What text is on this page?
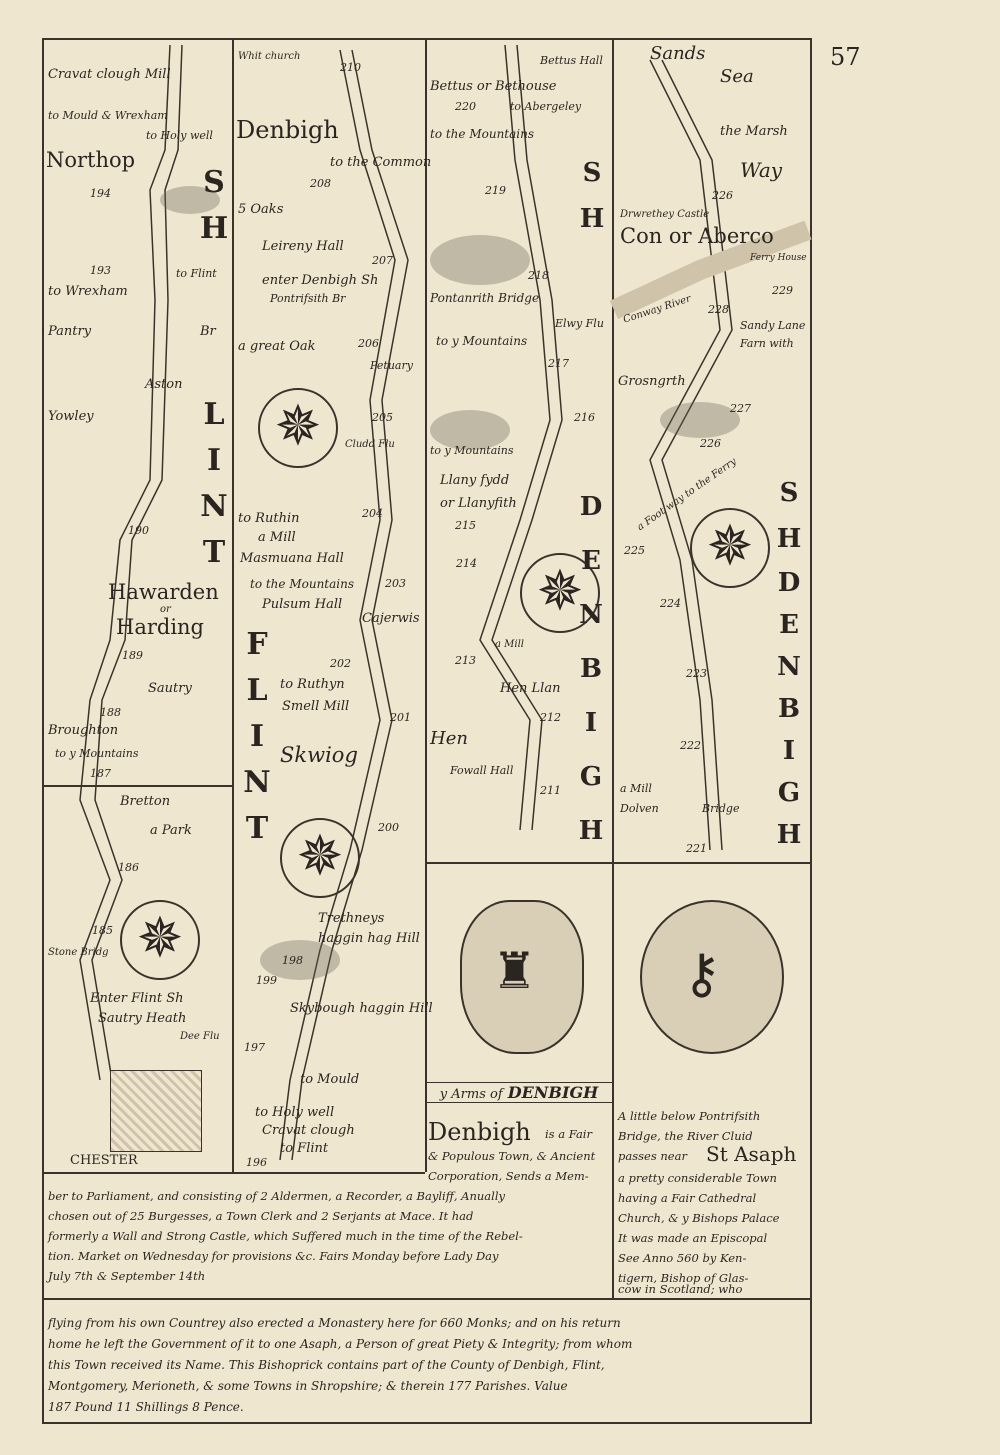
57
✵
✵
✵
✵
✵
Cravat clough Mill
to Mould & Wrexham
to Holy well
Northop
194
193
to Wrexham
to Flint
Pantry	Br
Aston
Yowley
190
Hawarden
or
Harding
189
Sautry
188
Broughton
to y Mountains
187
Bretton
a Park
186
185
Stone Bridg
Enter Flint Sh
Sautry Heath
Dee Flu
CHESTER
SH
LINT
Whit church
210
Denbigh
to the Common
208
5 Oaks
207
Leireny Hall
enter Denbigh Sh
Pontrifsith Br
a great Oak	206
Petuary
205
Cludd Flu
204
to Ruthin
a Mill
Masmuana Hall
to the Mountains
Pulsum Hall
203
Cajerwis
202
to Ruthyn
Smell Mill
201
Skwiog
200
199
Trethneys
haggin hag Hill
198
Skybough haggin Hill
197
to Mould
to Holy well
Cravat clough
to Flint
196
FLINT
Bettus Hall
Bettus or Bethouse
220	to Abergeley
to the Mountains
219
218
Pontanrith Bridge
Elwy Flu
217
to y Mountains
216
to y Mountains
Llany fydd
or Llanyfith
215
214
213
a Mill
Hen Llan
212
Hen
Fowall Hall
211
SH
DENBIGH
Sands
Sea
the Marsh
Way
226
Con or Aberco
Drwrethey Castle
Conway River
Ferry House
229
228
Sandy Lane
Farn with
Grosngrth
227
226
a Foot way to the Ferry
225
224
223
222
a Mill
Dolven	Bridge
221
SH
DENBIGH
♜	⚷
y Arms of DENBIGH
Denbigh is a Fair
& Populous Town, & Ancient
Corporation, Sends a Mem-
ber to Parliament, and consisting of 2 Aldermen, a Recorder, a Bayliff, Anually
chosen out of 25 Burgesses, a Town Clerk and 2 Serjants at Mace. It had
formerly a Wall and Strong Castle, which Suffered much in the time of the Rebel-
tion. Market on Wednesday for provisions &c. Fairs Monday before Lady Day
July 7th & September 14th
A little below Pontrifsith
Bridge, the River Cluid
passes near St Asaph
a pretty considerable Town
having a Fair Cathedral
Church, & y Bishops Palace
It was made an Episcopal
See Anno 560 by Ken-
tigern, Bishop of Glas-
cow in Scotland; who
flying from his own Countrey also erected a Monastery here for 660 Monks; and on his return
home he left the Government of it to one Asaph, a Person of great Piety & Integrity; from whom
this Town received its Name. This Bishoprick contains part of the County of Denbigh, Flint,
Montgomery, Merioneth, & some Towns in Shropshire; & therein 177 Parishes. Value
187 Pound 11 Shillings 8 Pence.
